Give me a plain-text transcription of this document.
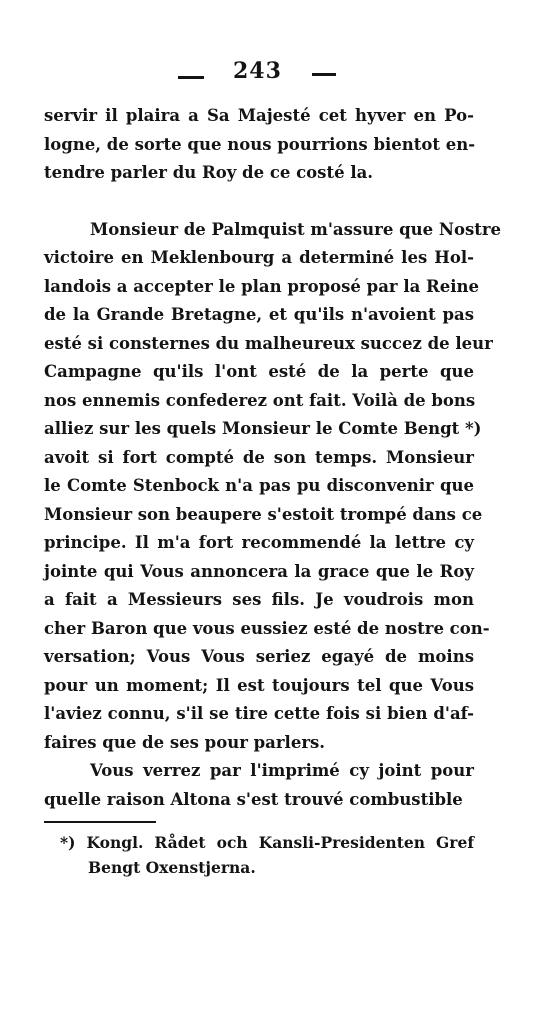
243

servir il plaira a Sa Majesté cet hyver en Po-
logne, de sorte que nous pourrions bientot en-
tendre parler du Roy de ce costé la.

Monsieur de Palmquist m'assure que Nostre
victoire en Meklenbourg a determiné les Hol-
landois a accepter le plan proposé par la Reine
de la Grande Bretagne, et qu'ils n'avoient pas
esté si consternes du malheureux succez de leur
Campagne qu'ils l'ont esté de la perte que
nos ennemis confederez ont fait. Voilà de bons
alliez sur les quels Monsieur le Comte Bengt *)
avoit si fort compté de son temps. Monsieur
le Comte Stenbock n'a pas pu disconvenir que
Monsieur son beaupere s'estoit trompé dans ce
principe. Il m'a fort recommendé la lettre cy
jointe qui Vous annoncera la grace que le Roy
a fait a Messieurs ses fils. Je voudrois mon
cher Baron que vous eussiez esté de nostre con-
versation; Vous Vous seriez egayé de moins
pour un moment; Il est toujours tel que Vous
l'aviez connu, s'il se tire cette fois si bien d'af-
faires que de ses pour parlers.

Vous verrez par l'imprimé cy joint pour
quelle raison Altona s'est trouvé combustible

*) Kongl. Rådet och Kansli-Presidenten Gref
Bengt Oxenstjerna.
